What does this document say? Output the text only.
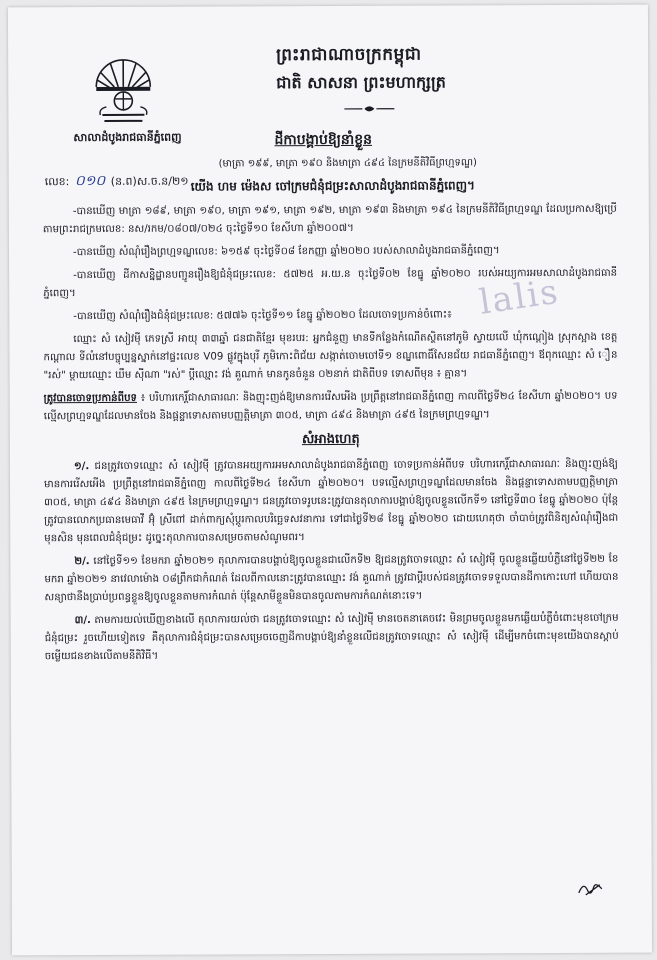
សាលាដំបូងរាជធានីភ្នំពេញ
លេខ: ០១០ (ន.ព)ស.ច.ន/២១
ព្រះរាជាណាចក្រកម្ពុជា
ជាតិ សាសនា ព្រះមហាក្សត្រ
ដីកាបង្គាប់ឱ្យនាំខ្លួន
(មាត្រា ១៩៩, មាត្រា ១៩០ និងមាត្រា ៤៩៤ នៃក្រមនីតិវិធីព្រហ្មទណ្ឌ)
យើង ហម ម៉េងស ចៅក្រមជំនុំជម្រះសាលាដំបូងរាជធានីភ្នំពេញ។
lalis

-បានឃើញ មាត្រា ១៨៩, មាត្រា ១៩០, មាត្រា ១៩១, មាត្រា ១៩២, មាត្រា ១៩៣ និងមាត្រា ១៩៤ នៃក្រមនីតិវិធីព្រហ្មទណ្ឌ ដែលប្រកាសឱ្យប្រើតាមព្រះរាជក្រមលេខ: នស/រកម/០៨០៧/០២៤ ចុះថ្ងៃទី១០ ខែសីហា ឆ្នាំ២០០៧។

-បានឃើញ សំណុំរឿងព្រហ្មទណ្ឌលេខ: ៦១៥៩ ចុះថ្ងៃទី០៨ ខែកញ្ញា ឆ្នាំ២០២០ របស់សាលាដំបូងរាជធានីភ្នំពេញ។

-បានឃើញ ដីកាសន្និដ្ឋានបញ្ជូនរឿងឱ្យជំនុំជម្រះលេខ: ៥៧២៥ អ.យ.ន ចុះថ្ងៃទី០២ ខែធ្នូ ឆ្នាំ២០២០ របស់អយ្យការអមសាលាដំបូងរាជធានីភ្នំពេញ។

-បានឃើញ សំណុំរឿងជំនុំជម្រះលេខ: ៥៧៧៦ ចុះថ្ងៃទី១១ ខែធ្នូ ឆ្នាំ២០២០ ដែលចោទប្រកាន់ចំពោះ៖

ឈ្មោះ សំ សៀវម៉ី ភេទស្រី អាយុ ៣៣ឆ្នាំ ជនជាតិខ្មែរ មុខរបរ: អ្នកជំនួញ មានទីកន្លែងកំណើតស្ថិតនៅភូមិ ស្វាយលើ ឃុំកណ្ដៀង ស្រុកស្អាង ខេត្តកណ្ដាល ទីលំនៅបច្ចុប្បន្នស្នាក់នៅផ្ទះលេខ V09 ផ្លូវក្នុងបុរី ភូមិកោះពិជ័យ សង្កាត់ចោមចៅទី១ ខណ្ឌពោធិ៍សែនជ័យ រាជធានីភ្នំពេញ។ ឪពុកឈ្មោះ សំ ឿន "រស់" ម្ដាយឈ្មោះ ឃឹម ស៊ីណា "រស់" ប្ដីឈ្មោះ វង់ គួណាក់ មានកូនចំនួន ០២នាក់ ជាតិពីបទ ទោសពីមុន ៖ គ្មាន។

ត្រូវបានចោទប្រកាន់ពីបទ ៖ បរិហារកេរ្តិ៍ជាសាធារណៈ និងញុះញង់ឱ្យមានការរើសអើង ប្រព្រឹត្តនៅរាជធានីភ្នំពេញ កាលពីថ្ងៃទី២៤ ខែសីហា ឆ្នាំ២០២០។ បទល្មើសព្រហ្មទណ្ឌដែលមានចែង និងផ្ដន្ទាទោសតាមបញ្ញត្តិមាត្រា ៣០៥, មាត្រា ៤៩៤ និងមាត្រា ៤៩៥ នៃក្រមព្រហ្មទណ្ឌ។

សំអាងហេតុ

១/. ជនត្រូវចោទឈ្មោះ សំ សៀវម៉ី ត្រូវបានអយ្យការអមសាលាដំបូងរាជធានីភ្នំពេញ ចោទប្រកាន់អំពីបទ បរិហារកេរ្តិ៍ជាសាធារណៈ និងញុះញង់ឱ្យមានការរើសអើង ប្រព្រឹត្តនៅរាជធានីភ្នំពេញ កាលពីថ្ងៃទី២៤ ខែសីហា ឆ្នាំ២០២០។ បទល្មើសព្រហ្មទណ្ឌដែលមានចែង និងផ្ដន្ទាទោសតាមបញ្ញត្តិមាត្រា ៣០៥, មាត្រា ៤៩៤ និងមាត្រា ៤៩៥ នៃក្រមព្រហ្មទណ្ឌ។ ជនត្រូវចោទរូបនេះត្រូវបានតុលាការបង្គាប់ឱ្យចូលខ្លួនលើកទី១ នៅថ្ងៃទី៣០ ខែធ្នូ ឆ្នាំ២០២០ ប៉ុន្តែត្រូវបានលោកប្រធានមេធាវី អ៊ុំ ស្រីពៅ ដាក់ពាក្យសុំប្ដូរកាលបរិច្ឆេទសវនាការ ទៅជាថ្ងៃទី២៨ ខែធ្នូ ឆ្នាំ២០២០ ដោយហេតុថា ចាំបាច់ត្រូវពិនិត្យសំណុំរឿងជាមុនសិន មុនពេលជំនុំជម្រះ ដូច្នេះតុលាការបានសម្រេចតាមសំណូមពរ។

២/. នៅថ្ងៃទី១១ ខែមករា ឆ្នាំ២០២១ តុលាការបានបង្គាប់ឱ្យចូលខ្លួនជាលើកទី២ ឱ្យជនត្រូវចោទឈ្មោះ សំ សៀវម៉ី ចូលខ្លួនឆ្លើយបំភ្លឺនៅថ្ងៃទី២២ ខែមករា ឆ្នាំ២០២១ នាវេលាម៉ោង ០៨ព្រឹកជាកំណត់ ដែលពីកាលនោះត្រូវបានឈ្មោះ វង់ គួណាក់ ត្រូវជាប្ដីរបស់ជនត្រូវចោទទទួលបានដីកាកោះហៅ ហើយបានសន្យាថានឹងប្រាប់ប្រពន្ធខ្លួនឱ្យចូលខ្លួនតាមការកំណត់ ប៉ុន្តែសាមីខ្លួនមិនបានចូលតាមការកំណត់នោះទេ។

៣/. តាមការយល់ឃើញខាងលើ តុលាការយល់ថា ជនត្រូវចោទឈ្មោះ សំ សៀវម៉ី មានចេតនាគេចវេះ មិនព្រមចូលខ្លួនមកឆ្លើយបំភ្លឺចំពោះមុខចៅក្រមជំនុំជម្រះ រួចហើយទៀតទេ គឺតុលាការជំនុំជម្រះបានសម្រេចចេញដីកាបង្គាប់ឱ្យនាំខ្លួនលើជនត្រូវចោទឈ្មោះ សំ សៀវម៉ី ដើម្បីមកចំពោះមុខយើងបានស្ដាប់ចម្លើយជនខាងលើតាមនីតិវិធី។
